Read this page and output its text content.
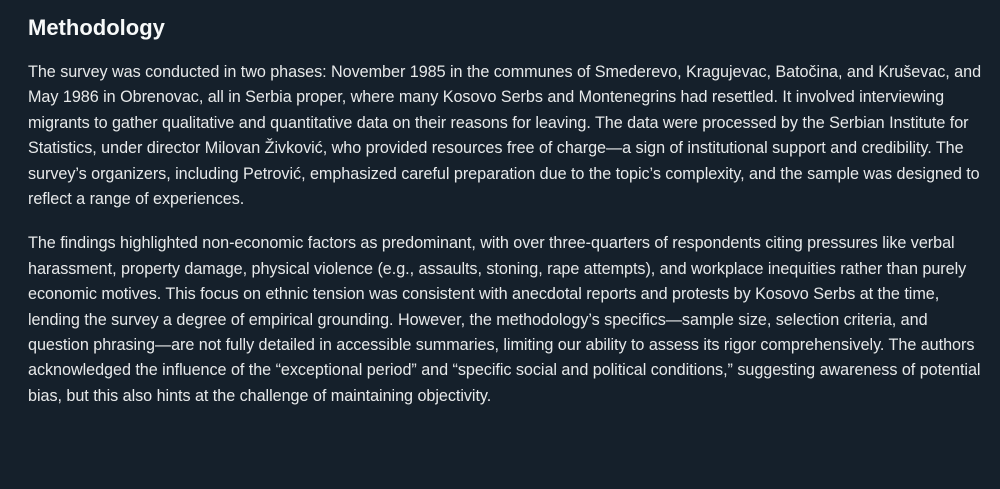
Methodology

The survey was conducted in two phases: November 1985 in the communes of Smederevo, Kragujevac, Batočina, and Kruševac, and May 1986 in Obrenovac, all in Serbia proper, where many Kosovo Serbs and Montenegrins had resettled. It involved interviewing migrants to gather qualitative and quantitative data on their reasons for leaving. The data were processed by the Serbian Institute for Statistics, under director Milovan Živković, who provided resources free of charge—a sign of institutional support and credibility. The survey’s organizers, including Petrović, emphasized careful preparation due to the topic’s complexity, and the sample was designed to reflect a range of experiences.

The findings highlighted non-economic factors as predominant, with over three-quarters of respondents citing pressures like verbal harassment, property damage, physical violence (e.g., assaults, stoning, rape attempts), and workplace inequities rather than purely economic motives. This focus on ethnic tension was consistent with anecdotal reports and protests by Kosovo Serbs at the time, lending the survey a degree of empirical grounding. However, the methodology’s specifics—sample size, selection criteria, and question phrasing—are not fully detailed in accessible summaries, limiting our ability to assess its rigor comprehensively. The authors acknowledged the influence of the “exceptional period” and “specific social and political conditions,” suggesting awareness of potential bias, but this also hints at the challenge of maintaining objectivity.
